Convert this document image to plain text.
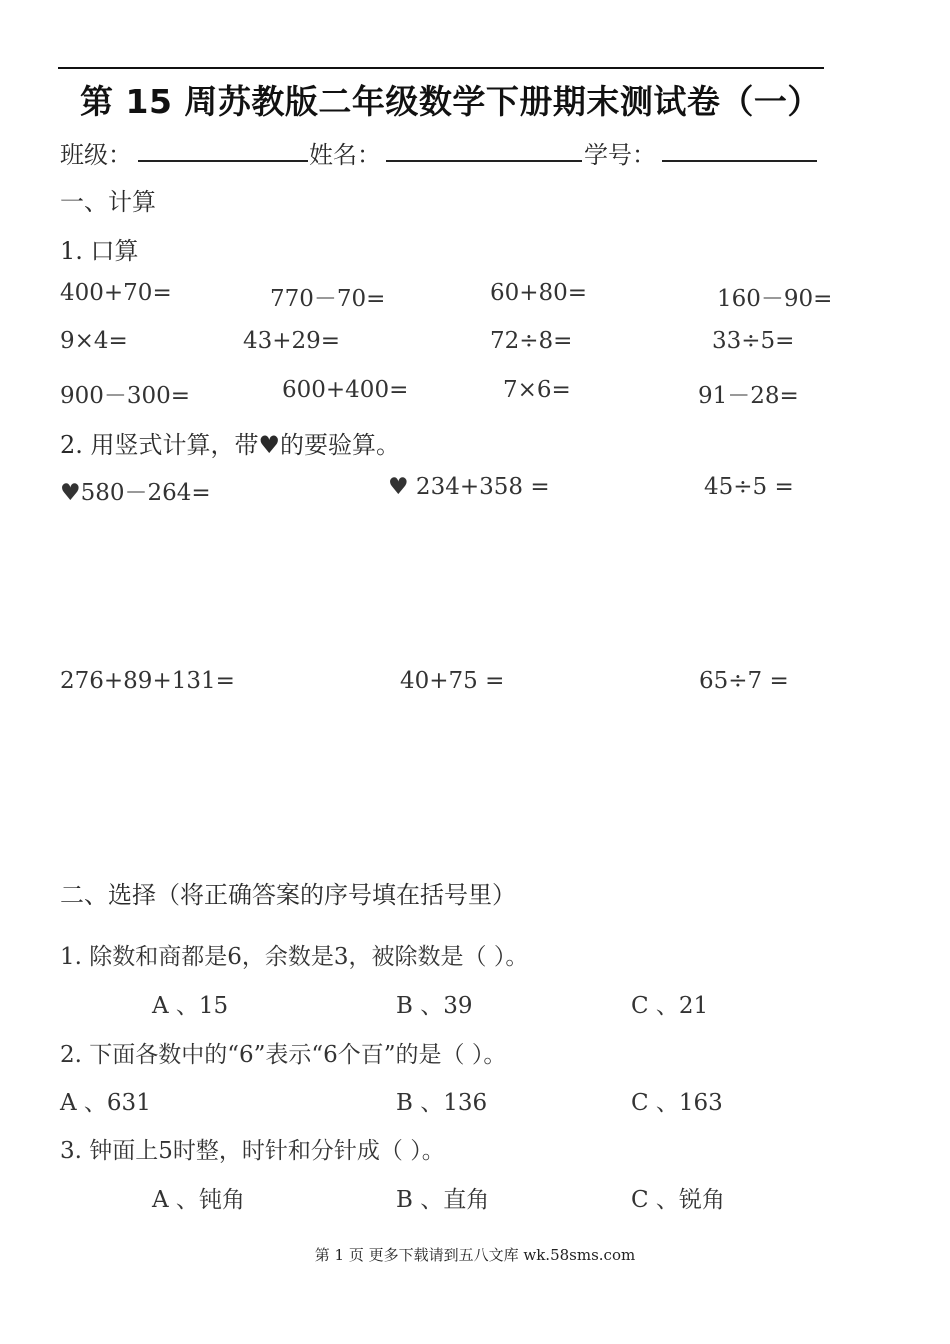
第 15 周苏教版二年级数学下册期末测试卷（一）
班级：	姓名：	学号：
一、计算
1. 口算
400+70=	770－70=	60+80=	160－90=
9×4=	43+29=	72÷8=	33÷5=
900－300=	600+400=	7×6=	91－28=
2. 用竖式计算，带♥的要验算。
♥580－264=	♥ 234+358 =	45÷5 =
276+89+131=	40+75 =	65÷7 =
二、选择（将正确答案的序号填在括号里）
1. 除数和商都是6，余数是3，被除数是（ ）。
A 、15	B 、39	C 、21
2. 下面各数中的“6”表示“6个百”的是（ ）。
A 、631	B 、136	C 、163
3. 钟面上5时整，时针和分针成（ ）。
A 、钝角	B 、直角	C 、锐角
第 1 页 更多下载请到五八文库 wk.58sms.com
